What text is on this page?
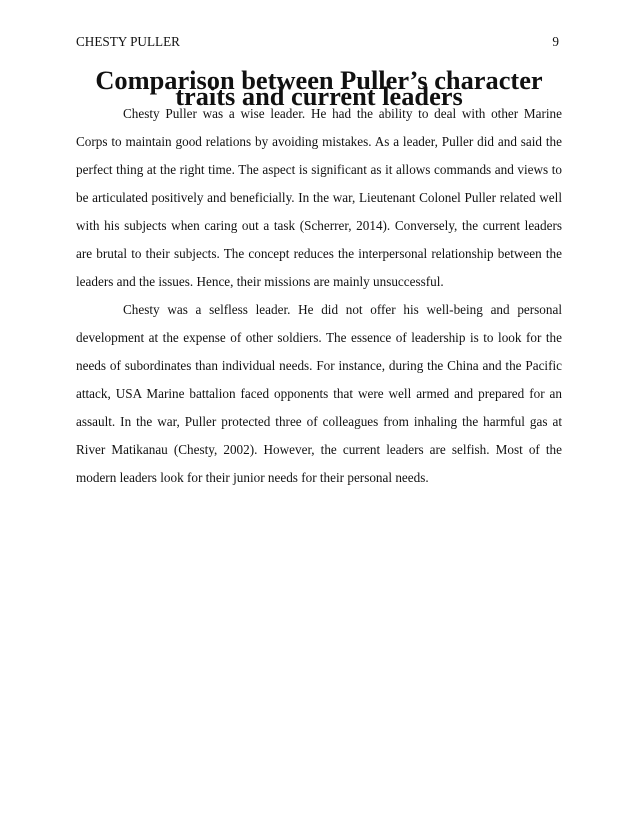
CHESTY PULLER	9
Comparison between Puller’s character traits and current leaders

Chesty Puller was a wise leader. He had the ability to deal with other Marine Corps to maintain good relations by avoiding mistakes. As a leader, Puller did and said the perfect thing at the right time. The aspect is significant as it allows commands and views to be articulated positively and beneficially. In the war, Lieutenant Colonel Puller related well with his subjects when caring out a task (Scherrer, 2014). Conversely, the current leaders are brutal to their subjects. The concept reduces the interpersonal relationship between the leaders and the issues. Hence, their missions are mainly unsuccessful.

Chesty was a selfless leader. He did not offer his well-being and personal development at the expense of other soldiers. The essence of leadership is to look for the needs of subordinates than individual needs. For instance, during the China and the Pacific attack, USA Marine battalion faced opponents that were well armed and prepared for an assault. In the war, Puller protected three of colleagues from inhaling the harmful gas at River Matikanau (Chesty, 2002). However, the current leaders are selfish. Most of the modern leaders look for their junior needs for their personal needs.
